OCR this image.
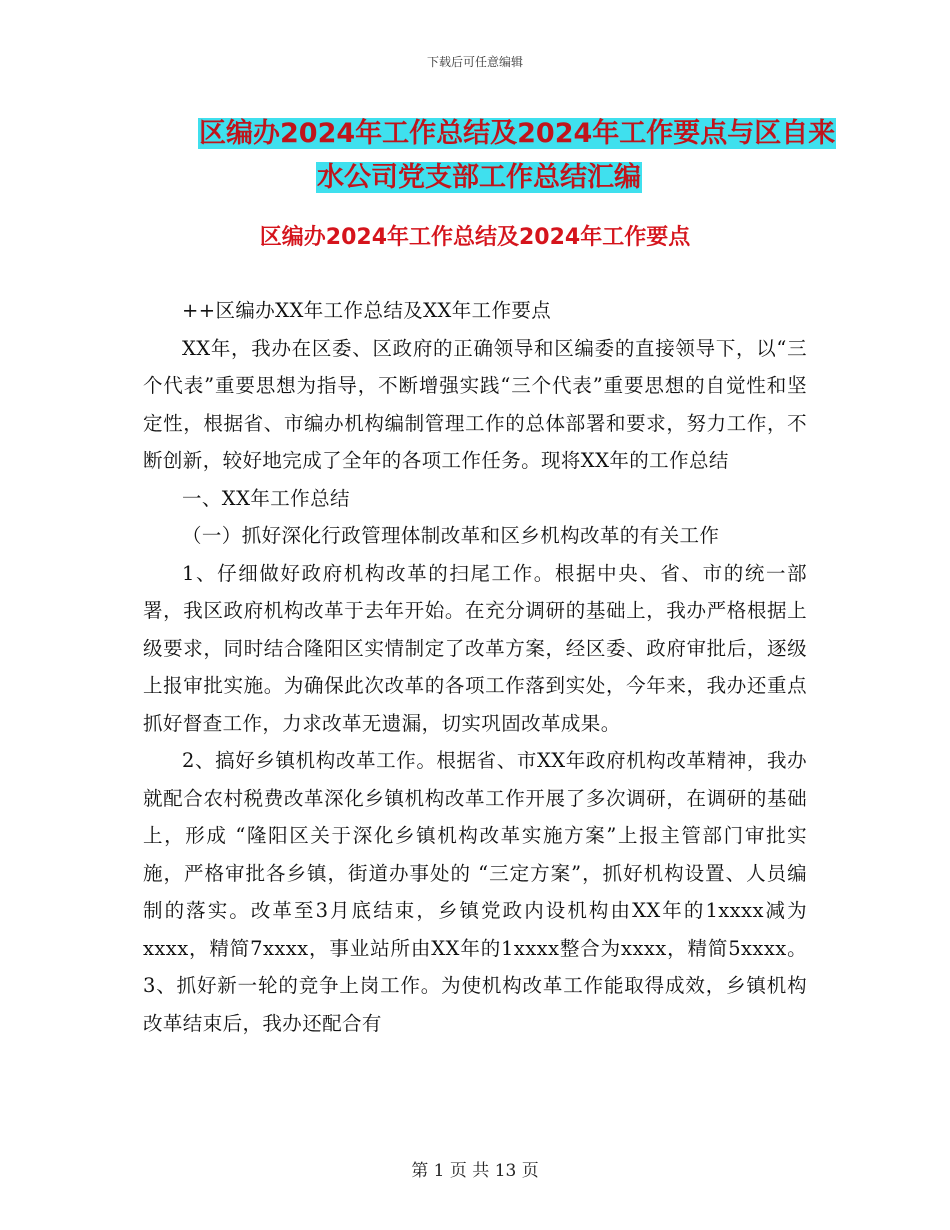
下载后可任意编辑
区编办2024年工作总结及2024年工作要点与区自来
水公司党支部工作总结汇编
区编办2024年工作总结及2024年工作要点

++区编办XX年工作总结及XX年工作要点

XX年，我办在区委、区政府的正确领导和区编委的直接领导下，以“三个代表”重要思想为指导，不断增强实践“三个代表”重要思想的自觉性和坚定性，根据省、市编办机构编制管理工作的总体部署和要求，努力工作，不断创新，较好地完成了全年的各项工作任务。现将XX年的工作总结

一、XX年工作总结

（一）抓好深化行政管理体制改革和区乡机构改革的有关工作

1、仔细做好政府机构改革的扫尾工作。根据中央、省、市的统一部署，我区政府机构改革于去年开始。在充分调研的基础上，我办严格根据上级要求，同时结合隆阳区实情制定了改革方案，经区委、政府审批后，逐级上报审批实施。为确保此次改革的各项工作落到实处，今年来，我办还重点抓好督查工作，力求改革无遗漏，切实巩固改革成果。

2、搞好乡镇机构改革工作。根据省、市XX年政府机构改革精神，我办就配合农村税费改革深化乡镇机构改革工作开展了多次调研，在调研的基础上，形成 “隆阳区关于深化乡镇机构改革实施方案”上报主管部门审批实施，严格审批各乡镇，街道办事处的 “三定方案”，抓好机构设置、人员编制的落实。改革至3月底结束，乡镇党政内设机构由XX年的1xxxx减为xxxx，精简7xxxx，事业站所由XX年的1xxxx整合为xxxx，精简5xxxx。 3、抓好新一轮的竞争上岗工作。为使机构改革工作能取得成效，乡镇机构改革结束后，我办还配合有

第 1 页 共 13 页
